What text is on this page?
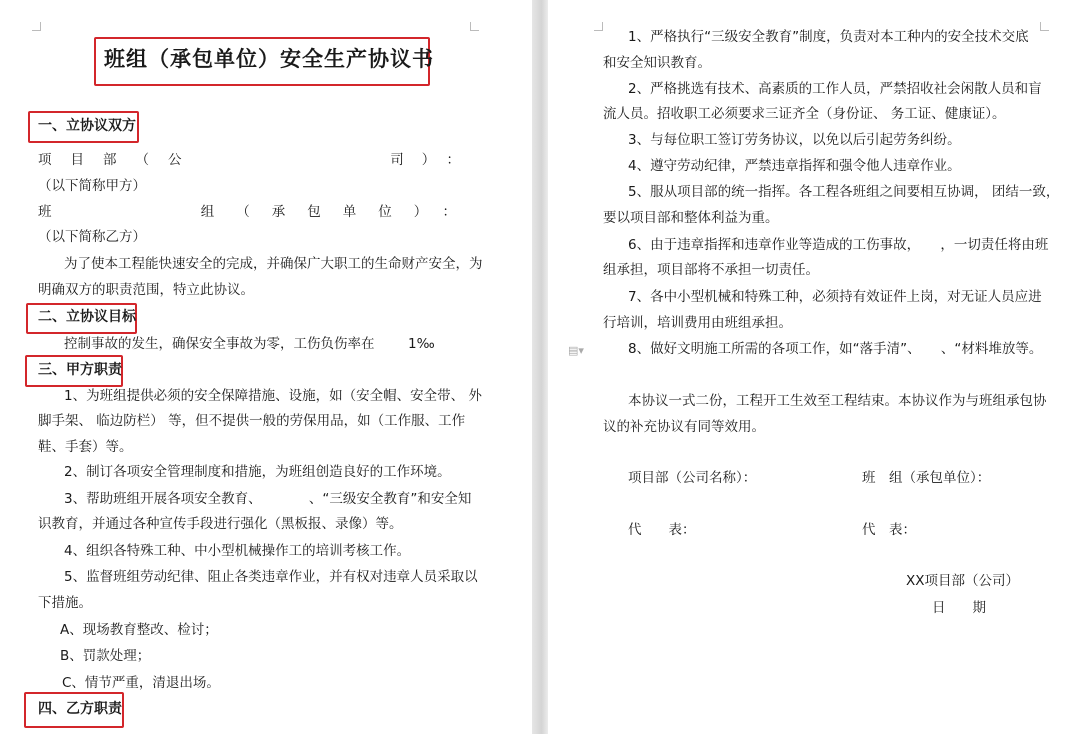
班组（承包单位）安全生产协议书
一、立协议双方
项目部（公	司）：
（以下简称甲方）
班	组（承包单位）：
（以下简称乙方）
为了使本工程能快速安全的完成，并确保广大职工的生命财产安全，为
明确双方的职责范围，特立此协议。
二、立协议目标
控制事故的发生，确保安全事故为零，工伤负伤率在 1‰
三、甲方职责
1、为班组提供必须的安全保障措施、设施，如（安全帽、安全带、 外
脚手架、 临边防栏） 等，但不提供一般的劳保用品，如（工作服、工作
鞋、手套）等。
2、制订各项安全管理制度和措施，为班组创造良好的工作环境。
3、帮助班组开展各项安全教育、　　　　、“三级安全教育”和安全知
识教育，并通过各种宣传手段进行强化（黑板报、录像）等。
4、组织各特殊工种、中小型机械操作工的培训考核工作。
5、监督班组劳动纪律、阻止各类违章作业，并有权对违章人员采取以
下措施。
A、现场教育整改、检讨；
B、罚款处理；
C、情节严重，清退出场。
四、乙方职责
1、严格执行“三级安全教育”制度，负责对本工种内的安全技术交底
和安全知识教育。
2、严格挑选有技术、高素质的工作人员，严禁招收社会闲散人员和盲
流人员。招收职工必须要求三证齐全（身份证、 务工证、健康证）。
3、与每位职工签订劳务协议，以免以后引起劳务纠纷。
4、遵守劳动纪律，严禁违章指挥和强令他人违章作业。
5、服从项目部的统一指挥。各工程各班组之间要相互协调， 团结一致，
要以项目部和整体利益为重。
6、由于违章指挥和违章作业等造成的工伤事故，　　，一切责任将由班
组承担，项目部将不承担一切责任。
7、各中小型机械和特殊工种，必须持有效证件上岗，对无证人员应进
行培训，培训费用由班组承担。
8、做好文明施工所需的各项工作，如“落手清”、　　、“材料堆放等。
▤▾
本协议一式二份，工程开工生效至工程结束。本协议作为与班组承包协
议的补充协议有同等效用。
项目部（公司名称）：	班　组（承包单位）：
代　　表：	代　表：
XX项目部（公司）
日　　期
